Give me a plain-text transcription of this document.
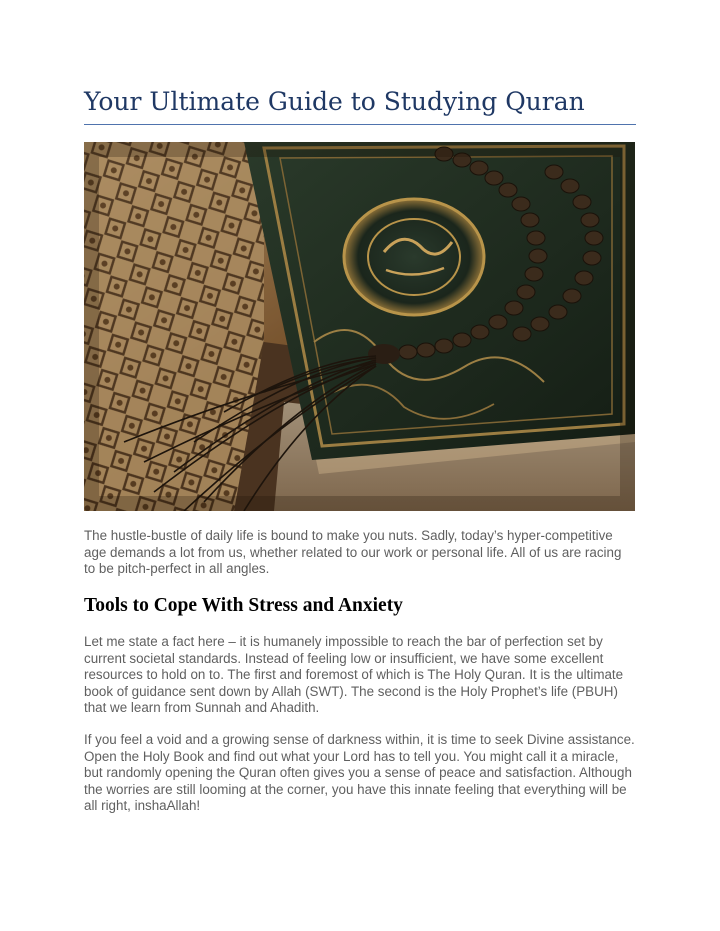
Your Ultimate Guide to Studying Quran

The hustle-bustle of daily life is bound to make you nuts. Sadly, today’s hyper-competitive age demands a lot from us, whether related to our work or personal life. All of us are racing to be pitch-perfect in all angles.

Tools to Cope With Stress and Anxiety

Let me state a fact here – it is humanely impossible to reach the bar of perfection set by current societal standards. Instead of feeling low or insufficient, we have some excellent resources to hold on to. The first and foremost of which is The Holy Quran. It is the ultimate book of guidance sent down by Allah (SWT). The second is the Holy Prophet’s life (PBUH) that we learn from Sunnah and Ahadith.

If you feel a void and a growing sense of darkness within, it is time to seek Divine assistance. Open the Holy Book and find out what your Lord has to tell you. You might call it a miracle, but randomly opening the Quran often gives you a sense of peace and satisfaction. Although the worries are still looming at the corner, you have this innate feeling that everything will be all right, inshaAllah!
